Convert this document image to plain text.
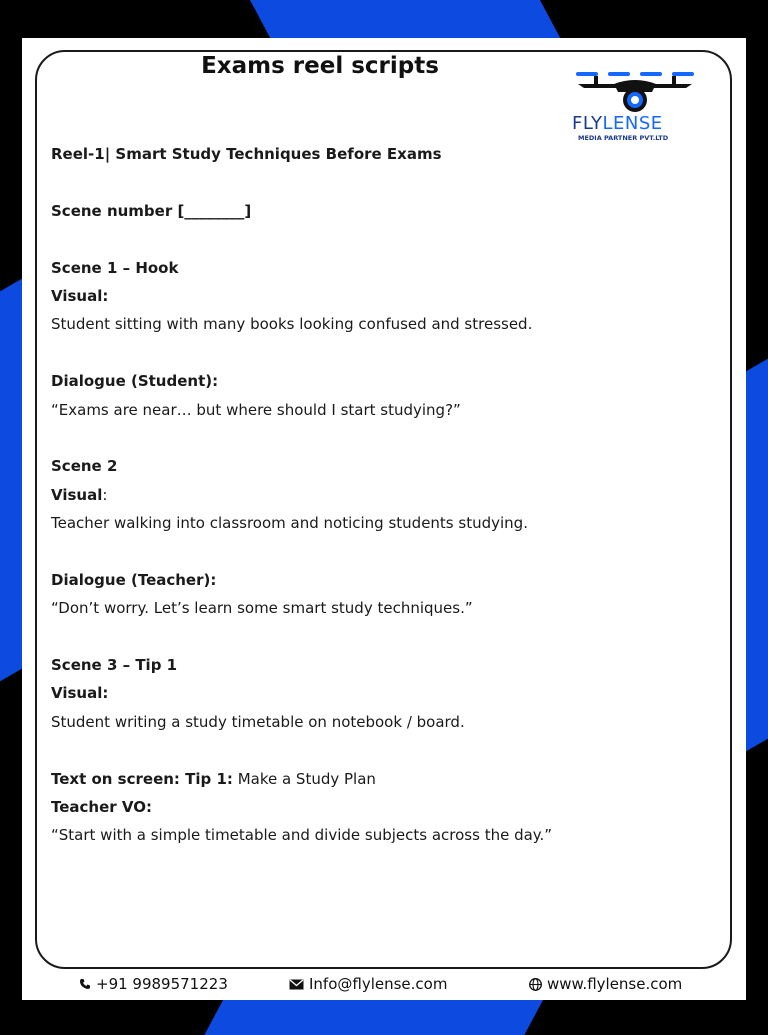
Exams reel scripts
FLYLENSE
MEDIA PARTNER PVT.LTD
Reel-1| Smart Study Techniques Before Exams
Scene number [________]
Scene 1 – Hook
Visual:
Student sitting with many books looking confused and stressed.
Dialogue (Student):
“Exams are near… but where should I start studying?”
Scene 2
Visual:
Teacher walking into classroom and noticing students studying.
Dialogue (Teacher):
“Don’t worry. Let’s learn some smart study techniques.”
Scene 3 – Tip 1
Visual:
Student writing a study timetable on notebook / board.
Text on screen: Tip 1: Make a Study Plan
Teacher VO:
“Start with a simple timetable and divide subjects across the day.”
+91 9989571223	Info@flylense.com	www.flylense.com
